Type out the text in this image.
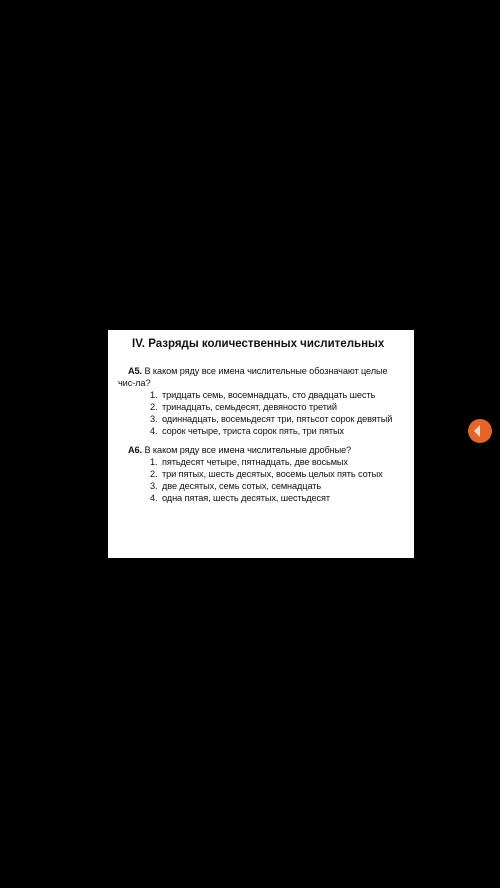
IV. Разряды количественных числительных

А5. В каком ряду все имена числительные обозначают целые чис-ла?

1. тридцать семь, восемнадцать, сто двадцать шесть
2. тринадцать, семьдесят, девяносто третий
3. одиннадцать, восемьдесят три, пятьсот сорок девятый
4. сорок четыре, триста сорок пять, три пятых

А6. В каком ряду все имена числительные дробные?

1. пятьдесят четыре, пятнадцать, две восьмых
2. три пятых, шесть десятых, восемь целых пять сотых
3. две десятых, семь сотых, семнадцать
4. одна пятая, шесть десятых, шестьдесят
